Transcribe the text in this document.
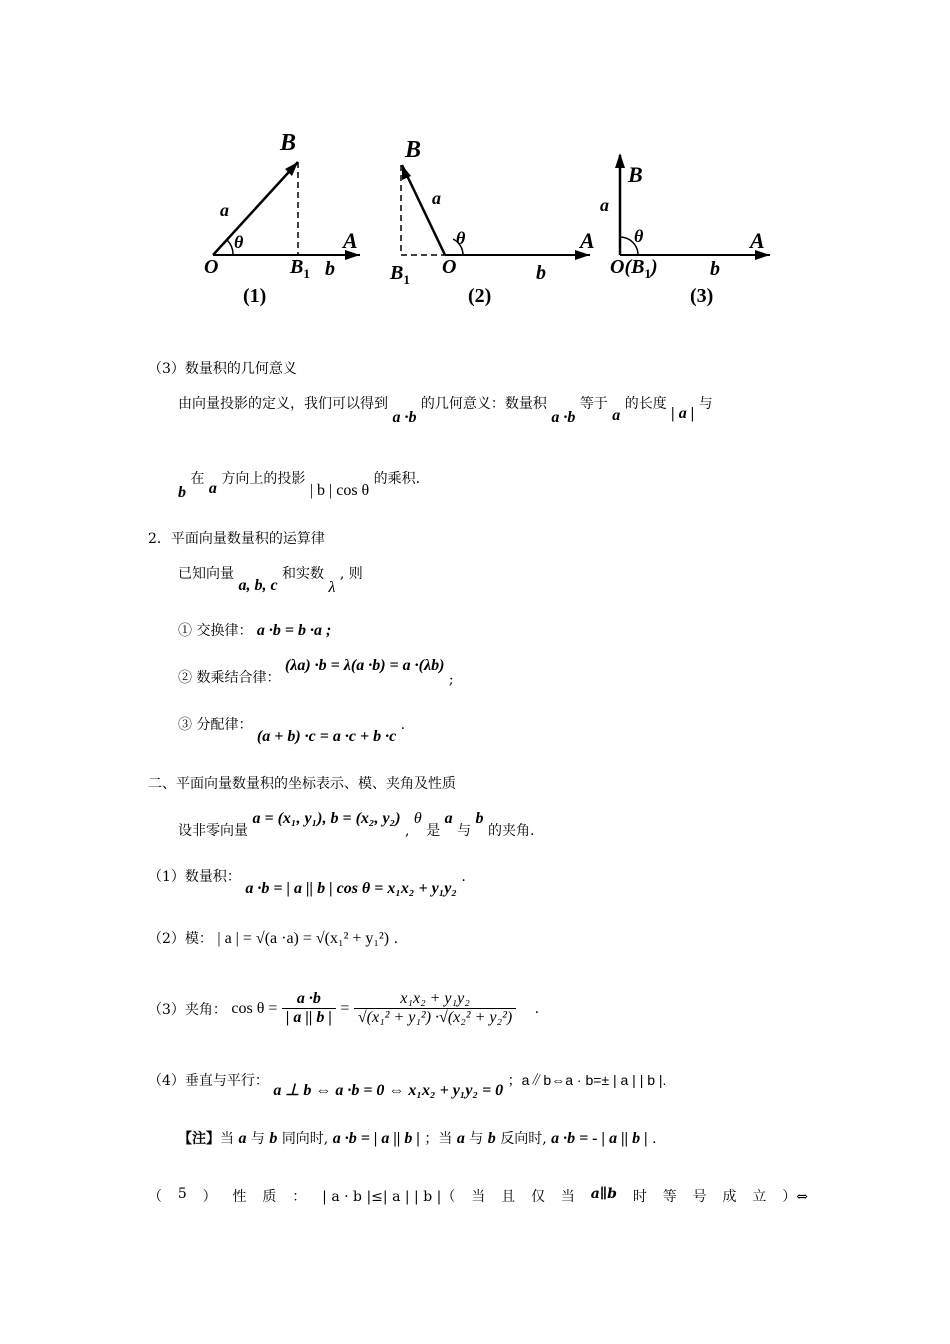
B
a
θ
O	$B_1$ b
A
(1)
B
a
θ
O
$B_1$	b
A
(2)
B
a
θ
$O(B_1)$	b
A
(3)
（3）数量积的几何意义
由向量投影的定义，我们可以得到 a ·b 的几何意义：数量积 a ·b 等于 a 的长度 | a | 与
b 在 a 方向上的投影 | b | cos θ 的乘积.
2．平面向量数量积的运算律
已知向量 a, b, c 和实数 λ , 则
① 交换律： a ·b = b ·a ;
② 数乘结合律： (λa) ·b = λ(a ·b) = a ·(λb) ;
③ 分配律： (a + b) ·c = a ·c + b ·c .
二、平面向量数量积的坐标表示、模、夹角及性质
设非零向量 a = (x₁, y₁), b = (x₂, y₂) , θ 是 a 与 b 的夹角.
（1）数量积： a ·b = | a || b | cos θ = x₁x₂ + y₁y₂ .
（2）模： | a | = √(a ·a) = √(x₁² + y₁²) .
（3）夹角： $\cos \theta = \frac{a \cdot b}{| a || b |} = \frac{\text{x₁x₂ + y₁y₂}}{\text{√(x₁² + y₁²) ·√(x₂² + y₂²)}}$ .
（4）垂直与平行： a ⊥ b ⇔ a ·b = 0 ⇔ x₁x₂ + y₁y₂ = 0 ；a∥b⇔a · b=± | a | | b |.
【注】当 a 与 b 同向时, a ·b = | a || b | ；当 a 与 b 反向时, a ·b = - | a || b | .
（ 5 ） 性 质 ： | a · b |≤| a | | b |（ 当 且 仅 当 a∥b 时 等 号 成 立 ）⇔
